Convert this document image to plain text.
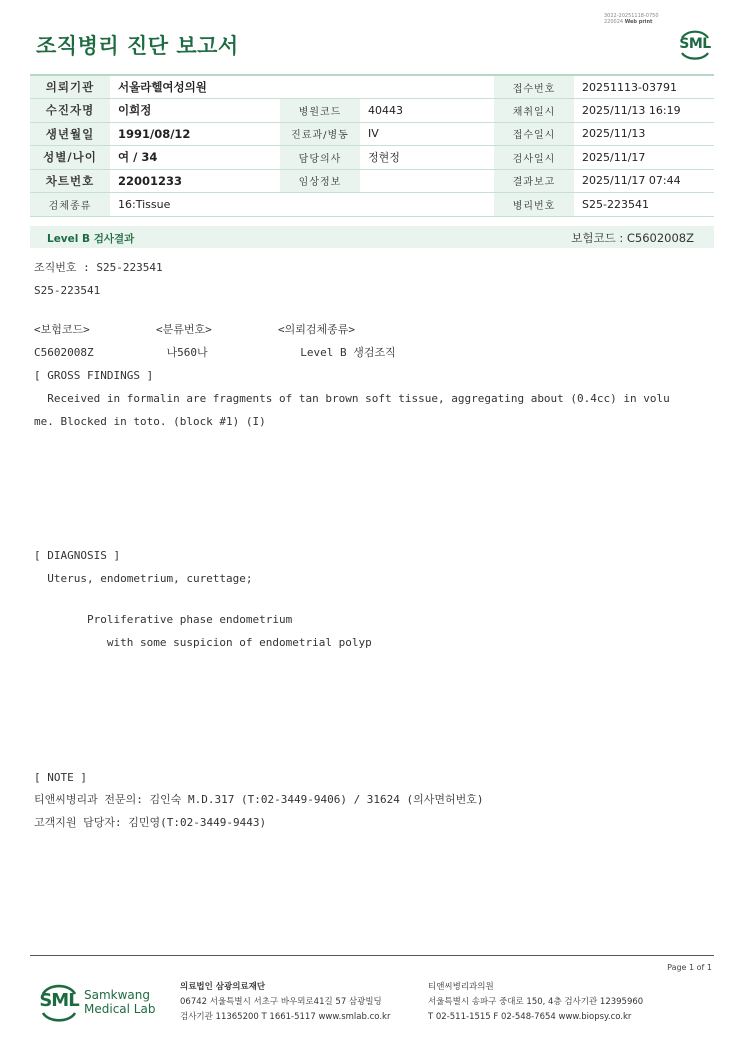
조직병리 진단 보고서
3022-20251118-0750
220024 Web print
SML
의뢰기관	서울라헬여성의원			접수번호	20251113-03791
수진자명	이희정	병원코드	40443	채취일시	2025/11/13 16:19
생년월일	1991/08/12	진료과/병동	IV	접수일시	2025/11/13
성별/나이	여 / 34	담당의사	정현정	검사일시	2025/11/17
차트번호	22001233	임상정보		결과보고	2025/11/17 07:44
검체종류	16:Tissue			병리번호	S25-223541
Level B 검사결과	보험코드 : C5602008Z
조직번호 : S25-223541
S25-223541
<보험코드>          <분류번호>          <의뢰검체종류>
C5602008Z           나560나              Level B 생검조직
[ GROSS FINDINGS ]
Received in formalin are fragments of tan brown soft tissue, aggregating about (0.4cc) in volu
me. Blocked in toto. (block #1) (I)
[ DIAGNOSIS ]
Uterus, endometrium, curettage;
Proliferative phase endometrium
with some suspicion of endometrial polyp
[ NOTE ]
티앤씨병리과 전문의: 김인숙 M.D.317 (T:02-3449-9406) / 31624 (의사면허번호)
고객지원 담당자: 김민영(T:02-3449-9443)
Page 1 of 1
SML Samkwang
Medical Lab
의료법인 삼광의료재단
06742 서울특별시 서초구 바우뫼로41길 57 삼광빌딩
검사기관 11365200 T 1661-5117 www.smlab.co.kr
티앤씨병리과의원
서울특별시 송파구 중대로 150, 4층 검사기관 12395960
T 02-511-1515 F 02-548-7654 www.biopsy.co.kr
